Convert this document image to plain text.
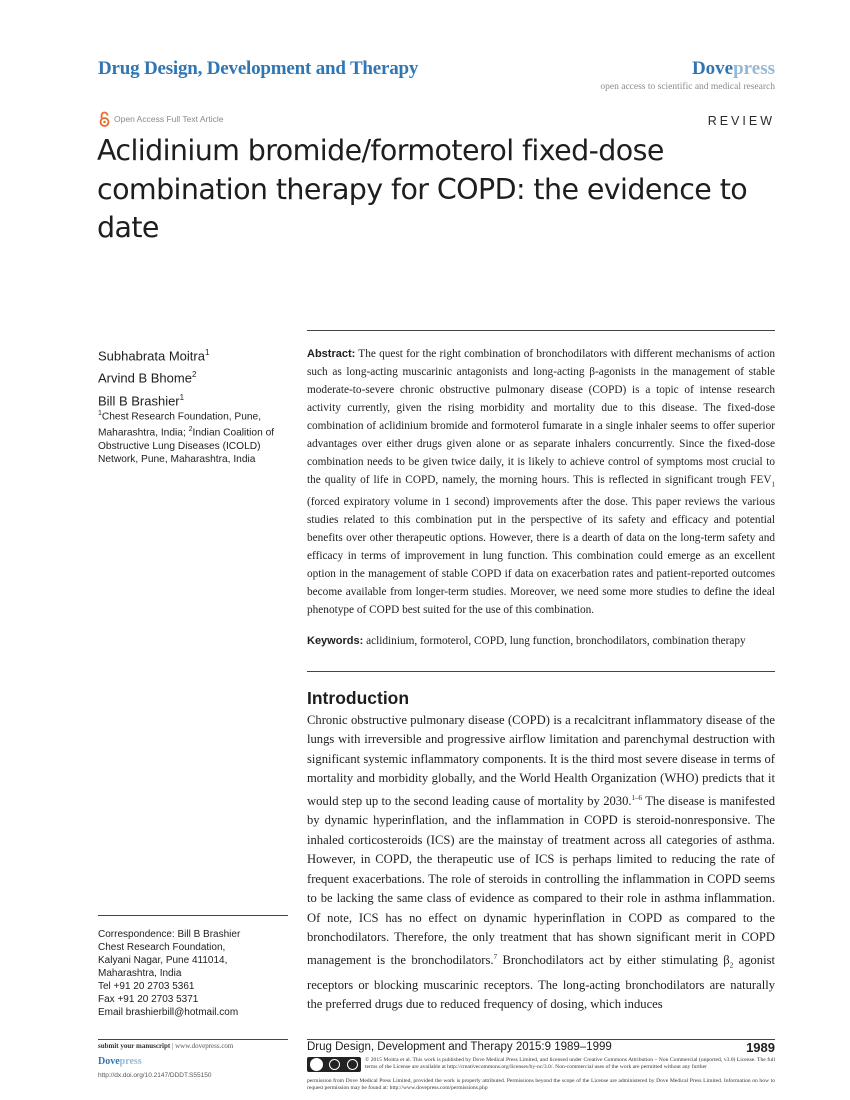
Drug Design, Development and Therapy	Dovepress
open access to scientific and medical research
Open Access Full Text Article	REVIEW
Aclidinium bromide/formoterol fixed-dose combination therapy for COPD: the evidence to date
Subhabrata Moitra$^1$
Arvind B Bhome$^2$
Bill B Brashier$^1$
$^1$Chest Research Foundation, Pune, Maharashtra, India; $^2$Indian Coalition of Obstructive Lung Diseases (ICOLD) Network, Pune, Maharashtra, India
Correspondence: Bill B Brashier
Chest Research Foundation,
Kalyani Nagar, Pune 411014,
Maharashtra, India
Tel +91 20 2703 5361
Fax +91 20 2703 5371
Email brashierbill@hotmail.com
Abstract: The quest for the right combination of bronchodilators with different mechanisms of action such as long-acting muscarinic antagonists and long-acting β-agonists in the management of stable moderate-to-severe chronic obstructive pulmonary disease (COPD) is a topic of intense research activity currently, given the rising morbidity and mortality due to this disease. The fixed-dose combination of aclidinium bromide and formoterol fumarate in a single inhaler seems to offer superior advantages over either drugs given alone or as separate inhalers concurrently. Since the fixed-dose combination needs to be given twice daily, it is likely to achieve control of symptoms most crucial to the quality of life in COPD, namely, the morning hours. This is reflected in significant trough $FEV_1$ (forced expiratory volume in 1 second) improvements after the dose. This paper reviews the various studies related to this combination put in the perspective of its safety and efficacy and potential benefits over other therapeutic options. However, there is a dearth of data on the long-term safety and efficacy in terms of improvement in lung function. This combination could emerge as an excellent option in the management of stable COPD if data on exacerbation rates and patient-reported outcomes become available from longer-term studies. Moreover, we need some more studies to define the ideal phenotype of COPD best suited for the use of this combination.
Keywords: aclidinium, formoterol, COPD, lung function, bronchodilators, combination therapy
Introduction
Chronic obstructive pulmonary disease (COPD) is a recalcitrant inflammatory disease of the lungs with irreversible and progressive airflow limitation and parenchymal destruction with significant systemic inflammatory components. It is the third most severe disease in terms of mortality and morbidity globally, and the World Health Organization (WHO) predicts that it would step up to the second leading cause of mortality by 2030.$^{1-6}$ The disease is manifested by dynamic hyperinflation, and the inflammation in COPD is steroid-nonresponsive. The inhaled corticosteroids (ICS) are the mainstay of treatment across all categories of asthma. However, in COPD, the therapeutic use of ICS is perhaps limited to reducing the rate of frequent exacerbations. The role of steroids in controlling the inflammation in COPD seems to be lacking the same class of evidence as compared to their role in asthma inflammation. Of note, ICS has no effect on dynamic hyperinflation in COPD as compared to the bronchodilators. Therefore, the only treatment that has shown significant merit in COPD management is the bronchodilators.$^7$ Bronchodilators act by either stimulating $\beta_2$ agonist receptors or blocking muscarinic receptors. The long-acting bronchodilators are naturally the preferred drugs due to reduced frequency of dosing, which induces
submit your manuscript | www.dovepress.com
Dovepress
http://dx.doi.org/10.2147/DDDT.S55150
Drug Design, Development and Therapy 2015:9 1989–1999	1989
© 2015 Moitra et al. This work is published by Dove Medical Press Limited, and licensed under Creative Commons Attribution – Non Commercial (unported, v3.0) License. The full terms of the License are available at http://creativecommons.org/licenses/by-nc/3.0/. Non-commercial uses of the work are permitted without any further
permission from Dove Medical Press Limited, provided the work is properly attributed. Permissions beyond the scope of the License are administered by Dove Medical Press Limited. Information on how to request permission may be found at: http://www.dovepress.com/permissions.php
